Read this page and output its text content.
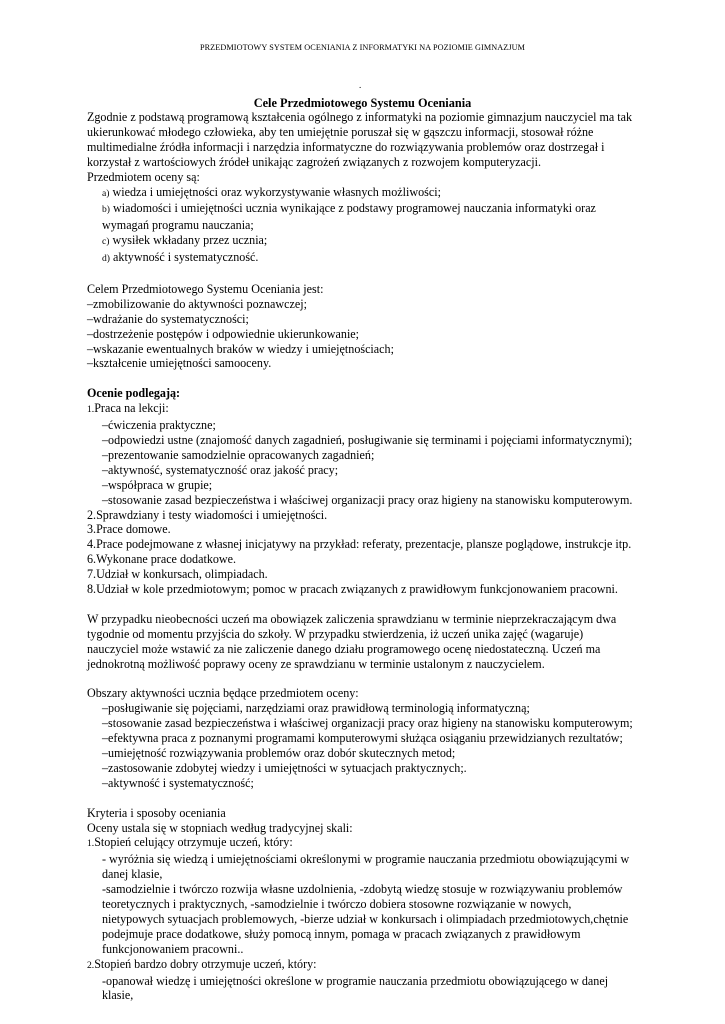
PRZEDMIOTOWY SYSTEM OCENIANIA Z INFORMATYKI NA POZIOMIE GIMNAZJUM
.
Cele Przedmiotowego Systemu Oceniania

Zgodnie z podstawą programową kształcenia ogólnego z informatyki na poziomie gimnazjum nauczyciel ma tak

ukierunkować młodego człowieka, aby ten umiejętnie poruszał się w gąszczu informacji, stosował różne

multimedialne źródła informacji i narzędzia informatyczne do rozwiązywania problemów oraz dostrzegał i

korzystał z wartościowych źródeł unikając zagrożeń związanych z rozwojem komputeryzacji.

Przedmiotem oceny są:

a) wiedza i umiejętności oraz wykorzystywanie własnych możliwości;
b) wiadomości i umiejętności ucznia wynikające z podstawy programowej nauczania informatyki oraz
wymagań programu nauczania;
c) wysiłek wkładany przez ucznia;
d) aktywność i systematyczność.

Celem Przedmiotowego Systemu Oceniania jest:

–zmobilizowanie do aktywności poznawczej;

–wdrażanie do systematyczności;

–dostrzeżenie postępów i odpowiednie ukierunkowanie;

–wskazanie ewentualnych braków w wiedzy i umiejętnościach;

–kształcenie umiejętności samooceny.

Ocenie podlegają:

1.Praca na lekcji:
–ćwiczenia praktyczne;
–odpowiedzi ustne (znajomość danych zagadnień, posługiwanie się terminami i pojęciami informatycznymi);
–prezentowanie samodzielnie opracowanych zagadnień;
–aktywność, systematyczność oraz jakość pracy;
–współpraca w grupie;
–stosowanie zasad bezpieczeństwa i właściwej organizacji pracy oraz higieny na stanowisku komputerowym.

2.Sprawdziany i testy wiadomości i umiejętności.

3.Prace domowe.

4.Prace podejmowane z własnej inicjatywy na przykład: referaty, prezentacje, plansze poglądowe, instrukcje itp.

6.Wykonane prace dodatkowe.

7.Udział w konkursach, olimpiadach.

8.Udział w kole przedmiotowym; pomoc w pracach związanych z prawidłowym funkcjonowaniem pracowni.

W przypadku nieobecności uczeń ma obowiązek zaliczenia sprawdzianu w terminie nieprzekraczającym dwa

tygodnie od momentu przyjścia do szkoły. W przypadku stwierdzenia, iż uczeń unika zajęć (wagaruje)

nauczyciel może wstawić za nie zaliczenie danego działu programowego ocenę niedostateczną. Uczeń ma

jednokrotną możliwość poprawy oceny ze sprawdzianu w terminie ustalonym z nauczycielem.

Obszary aktywności ucznia będące przedmiotem oceny:

–posługiwanie się pojęciami, narzędziami oraz prawidłową terminologią informatyczną;
–stosowanie zasad bezpieczeństwa i właściwej organizacji pracy oraz higieny na stanowisku komputerowym;
–efektywna praca z poznanymi programami komputerowymi służąca osiąganiu przewidzianych rezultatów;
–umiejętność rozwiązywania problemów oraz dobór skutecznych metod;
–zastosowanie zdobytej wiedzy i umiejętności w sytuacjach praktycznych;.
–aktywność i systematyczność;

Kryteria i sposoby oceniania

Oceny ustala się w stopniach według tradycyjnej skali:

1.Stopień celujący otrzymuje uczeń, który:
- wyróżnia się wiedzą i umiejętnościami określonymi w programie nauczania przedmiotu obowiązującymi w
danej klasie,
-samodzielnie i twórczo rozwija własne uzdolnienia, -zdobytą wiedzę stosuje w rozwiązywaniu problemów
teoretycznych i praktycznych, -samodzielnie i twórczo dobiera stosowne rozwiązanie w nowych,
nietypowych sytuacjach problemowych, -bierze udział w konkursach i olimpiadach przedmiotowych,chętnie
podejmuje prace dodatkowe, służy pomocą innym, pomaga w pracach związanych z prawidłowym
funkcjonowaniem pracowni..
2.Stopień bardzo dobry otrzymuje uczeń, który:
-opanował wiedzę i umiejętności określone w programie nauczania przedmiotu obowiązującego w danej
klasie,
